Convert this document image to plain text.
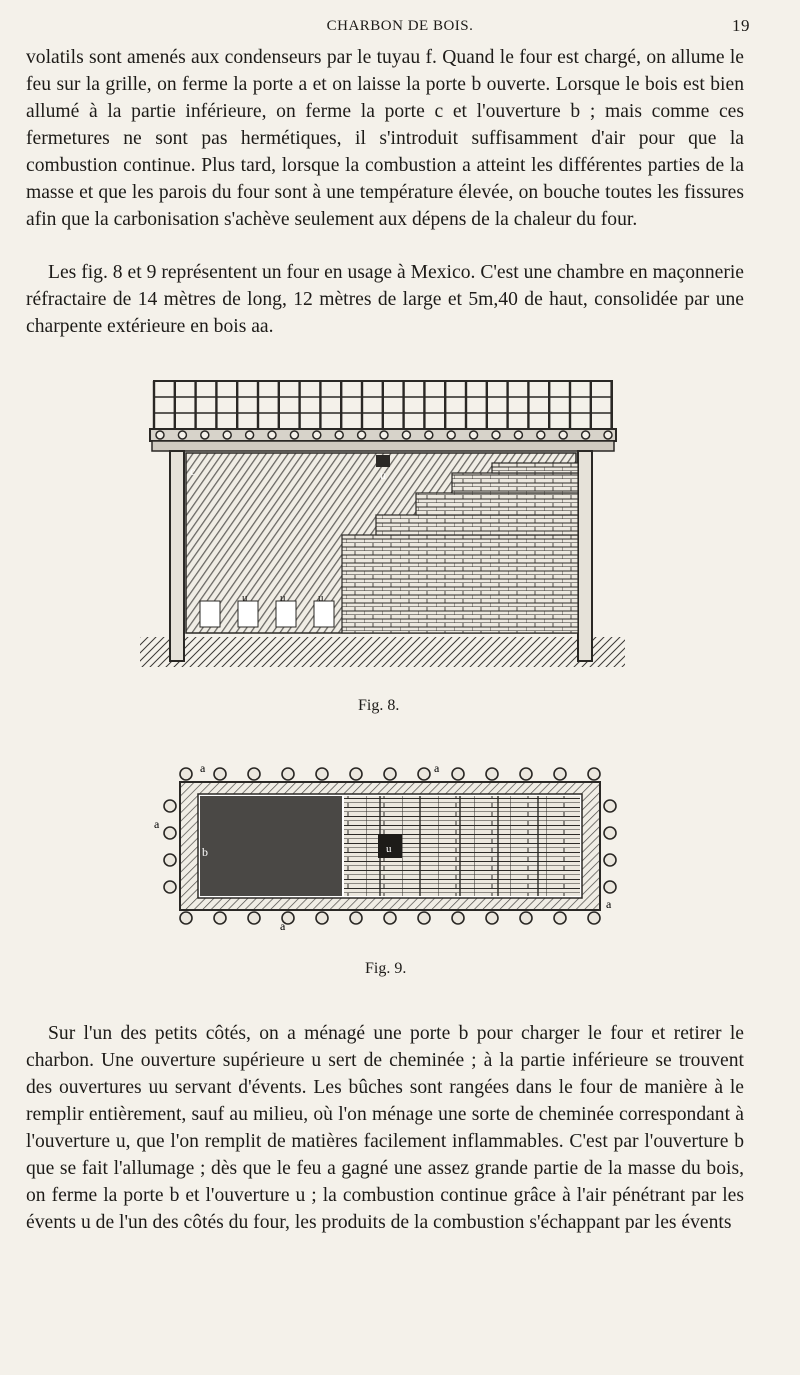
CHARBON DE BOIS.	19
volatils sont amenés aux condenseurs par le tuyau f. Quand le four est chargé, on allume le feu sur la grille, on ferme la porte a et on laisse la porte b ouverte. Lorsque le bois est bien allumé à la partie inférieure, on ferme la porte c et l'ouverture b ; mais comme ces fermetures ne sont pas hermétiques, il s'introduit suffisamment d'air pour que la combustion continue. Plus tard, lorsque la combustion a atteint les différentes parties de la masse et que les parois du four sont à une température élevée, on bouche toutes les fissures afin que la carbonisation s'achève seulement aux dépens de la chaleur du four.
Les fig. 8 et 9 représentent un four en usage à Mexico. C'est une chambre en maçonnerie réfractaire de 14 mètres de long, 12 mètres de large et 5m,40 de haut, consolidée par une charpente extérieure en bois aa.
c	u
u	u	u
Fig. 8.
a	a
a
b	u
a
a
Fig. 9.
Sur l'un des petits côtés, on a ménagé une porte b pour charger le four et retirer le charbon. Une ouverture supérieure u sert de cheminée ; à la partie inférieure se trouvent des ouvertures uu servant d'évents. Les bûches sont rangées dans le four de manière à le remplir entièrement, sauf au milieu, où l'on ménage une sorte de cheminée correspondant à l'ouverture u, que l'on remplit de matières facilement inflammables. C'est par l'ouverture b que se fait l'allumage ; dès que le feu a gagné une assez grande partie de la masse du bois, on ferme la porte b et l'ouverture u ; la combustion continue grâce à l'air pénétrant par les évents u de l'un des côtés du four, les produits de la combustion s'échappant par les évents
